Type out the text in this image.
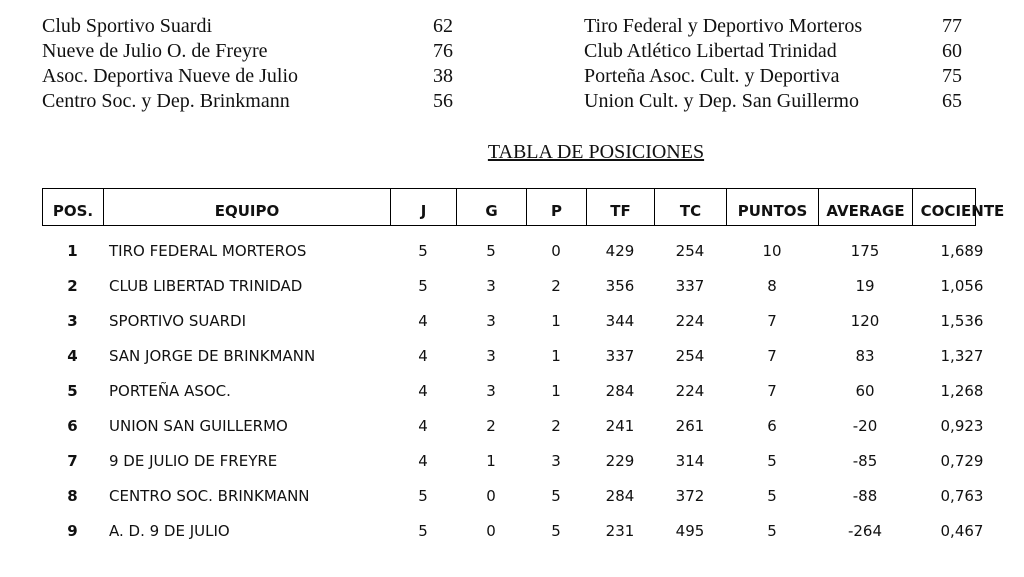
Club Sportivo Suardi	62
Nueve de Julio O. de Freyre	76
Asoc. Deportiva Nueve de Julio	38
Centro Soc. y Dep. Brinkmann	56
Tiro Federal y Deportivo Morteros	77
Club Atlético Libertad Trinidad	60
Porteña Asoc. Cult. y Deportiva	75
Union Cult. y Dep. San Guillermo	65
TABLA DE POSICIONES
POS.	EQUIPO	J	G	P	TF	TC	PUNTOS	AVERAGE	COCIENTE
1	TIRO FEDERAL MORTEROS	5	5	0	429	254	10	175	1,689
2	CLUB LIBERTAD TRINIDAD	5	3	2	356	337	8	19	1,056
3	SPORTIVO SUARDI	4	3	1	344	224	7	120	1,536
4	SAN JORGE DE BRINKMANN	4	3	1	337	254	7	83	1,327
5	PORTEÑA ASOC.	4	3	1	284	224	7	60	1,268
6	UNION SAN GUILLERMO	4	2	2	241	261	6	-20	0,923
7	9 DE JULIO DE FREYRE	4	1	3	229	314	5	-85	0,729
8	CENTRO SOC. BRINKMANN	5	0	5	284	372	5	-88	0,763
9	A. D. 9 DE JULIO	5	0	5	231	495	5	-264	0,467
